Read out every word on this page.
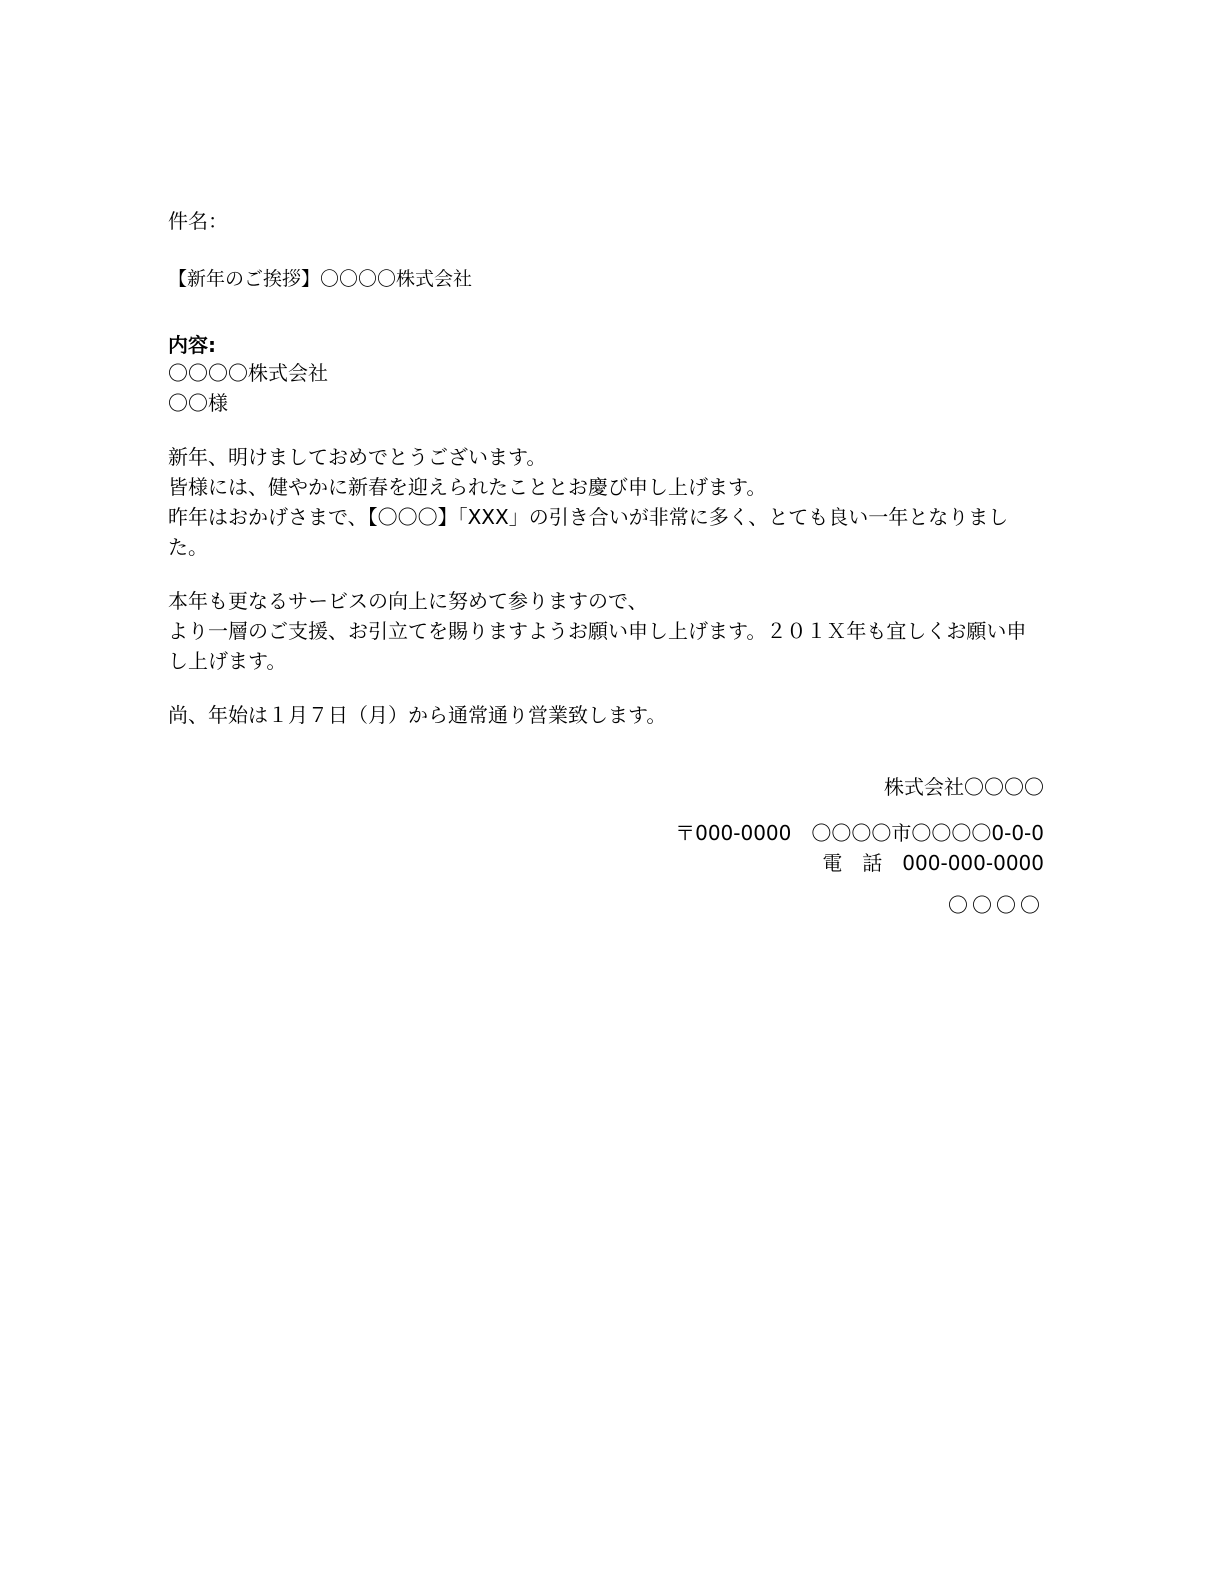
件名：
【新年のご挨拶】〇〇〇〇株式会社
内容:
〇〇〇〇株式会社
〇〇様

新年、明けましておめでとうございます。

皆様には、健やかに新春を迎えられたこととお慶び申し上げます。

昨年はおかげさまで、【〇〇〇】「XXX」の引き合いが非常に多く、とても良い一年となりました。

本年も更なるサービスの向上に努めて参りますので、

より一層のご支援、お引立てを賜りますようお願い申し上げます。２０１Ｘ年も宜しくお願い申し上げます。

尚、年始は１月７日（月）から通常通り営業致します。

株式会社〇〇〇〇
〒000-0000　〇〇〇〇市〇〇〇〇0-0-0
電　話　000-000-0000
〇〇〇〇
